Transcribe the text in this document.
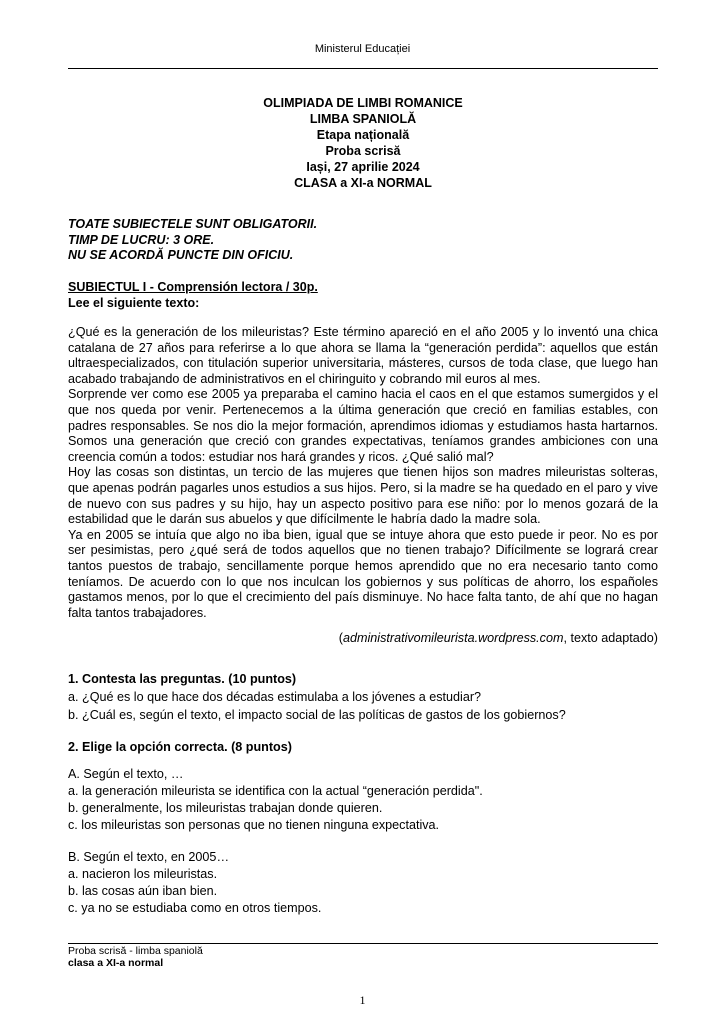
Ministerul Educației
OLIMPIADA DE LIMBI ROMANICE
LIMBA SPANIOLĂ
Etapa națională
Proba scrisă
Iași, 27 aprilie 2024
CLASA a XI-a NORMAL
TOATE SUBIECTELE SUNT OBLIGATORII.
TIMP DE LUCRU: 3 ORE.
NU SE ACORDĂ PUNCTE DIN OFICIU.
SUBIECTUL I - Comprensión lectora / 30p.
Lee el siguiente texto:

¿Qué es la generación de los mileuristas? Este término apareció en el año 2005 y lo inventó una chica catalana de 27 años para referirse a lo que ahora se llama la “generación perdida”: aquellos que están ultraespecializados, con titulación superior universitaria, másteres, cursos de toda clase, que luego han acabado trabajando de administrativos en el chiringuito y cobrando mil euros al mes.

Sorprende ver como ese 2005 ya preparaba el camino hacia el caos en el que estamos sumergidos y el que nos queda por venir. Pertenecemos a la última generación que creció en familias estables, con padres responsables. Se nos dio la mejor formación, aprendimos idiomas y estudiamos hasta hartarnos. Somos una generación que creció con grandes expectativas, teníamos grandes ambiciones con una creencia común a todos: estudiar nos hará grandes y ricos. ¿Qué salió mal?

Hoy las cosas son distintas, un tercio de las mujeres que tienen hijos son madres mileuristas solteras, que apenas podrán pagarles unos estudios a sus hijos. Pero, si la madre se ha quedado en el paro y vive de nuevo con sus padres y su hijo, hay un aspecto positivo para ese niño: por lo menos gozará de la estabilidad que le darán sus abuelos y que difícilmente le habría dado la madre sola.

Ya en 2005 se intuía que algo no iba bien, igual que se intuye ahora que esto puede ir peor. No es por ser pesimistas, pero ¿qué será de todos aquellos que no tienen trabajo? Difícilmente se logrará crear tantos puestos de trabajo, sencillamente porque hemos aprendido que no era necesario tanto como teníamos. De acuerdo con lo que nos inculcan los gobiernos y sus políticas de ahorro, los españoles gastamos menos, por lo que el crecimiento del país disminuye. No hace falta tanto, de ahí que no hagan falta tantos trabajadores.

(administrativomileurista.wordpress.com, texto adaptado)
1. Contesta las preguntas. (10 puntos)
a. ¿Qué es lo que hace dos décadas estimulaba a los jóvenes a estudiar?
b. ¿Cuál es, según el texto, el impacto social de las políticas de gastos de los gobiernos?
2. Elige la opción correcta. (8 puntos)
A. Según el texto, …
a. la generación mileurista se identifica con la actual “generación perdida".
b. generalmente, los mileuristas trabajan donde quieren.
c. los mileuristas son personas que no tienen ninguna expectativa.
B. Según el texto, en 2005…
a. nacieron los mileuristas.
b. las cosas aún iban bien.
c. ya no se estudiaba como en otros tiempos.
Proba scrisă - limba spaniolă
clasa a XI-a normal
1
